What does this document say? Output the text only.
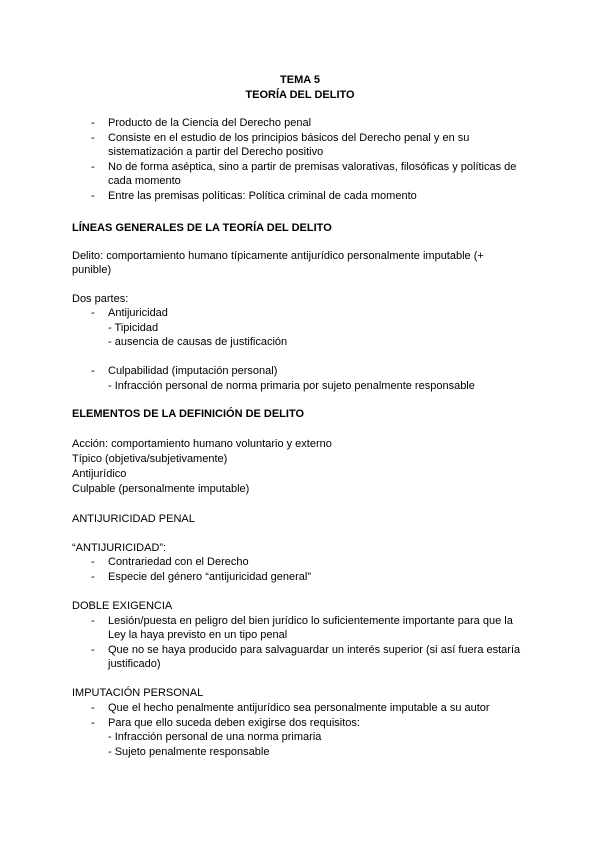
TEMA 5
TEORÍA DEL DELITO
- Producto de la Ciencia del Derecho penal
- Consiste en el estudio de los principios básicos del Derecho penal y en su
sistematización a partir del Derecho positivo
- No de forma aséptica, sino a partir de premisas valorativas, filosóficas y políticas de
cada momento
- Entre las premisas políticas: Política criminal de cada momento
LÍNEAS GENERALES DE LA TEORÍA DEL DELITO
Delito: comportamiento humano típicamente antijurídico personalmente imputable (+
punible)
Dos partes:
- Antijuricidad
- Tipicidad
- ausencia de causas de justificación
- Culpabilidad (imputación personal)
- Infracción personal de norma primaria por sujeto penalmente responsable
ELEMENTOS DE LA DEFINICIÓN DE DELITO
Acción: comportamiento humano voluntario y externo
Típico (objetiva/subjetivamente)
Antijurídico
Culpable (personalmente imputable)
ANTIJURICIDAD PENAL
“ANTIJURICIDAD”:
- Contrariedad con el Derecho
- Especie del género “antijuricidad general”
DOBLE EXIGENCIA
- Lesión/puesta en peligro del bien jurídico lo suficientemente importante para que la
Ley la haya previsto en un tipo penal
- Que no se haya producido para salvaguardar un interés superior (si así fuera estaría
justificado)
IMPUTACIÓN PERSONAL
- Que el hecho penalmente antijurídico sea personalmente imputable a su autor
- Para que ello suceda deben exigirse dos requisitos:
- Infracción personal de una norma primaria
- Sujeto penalmente responsable
